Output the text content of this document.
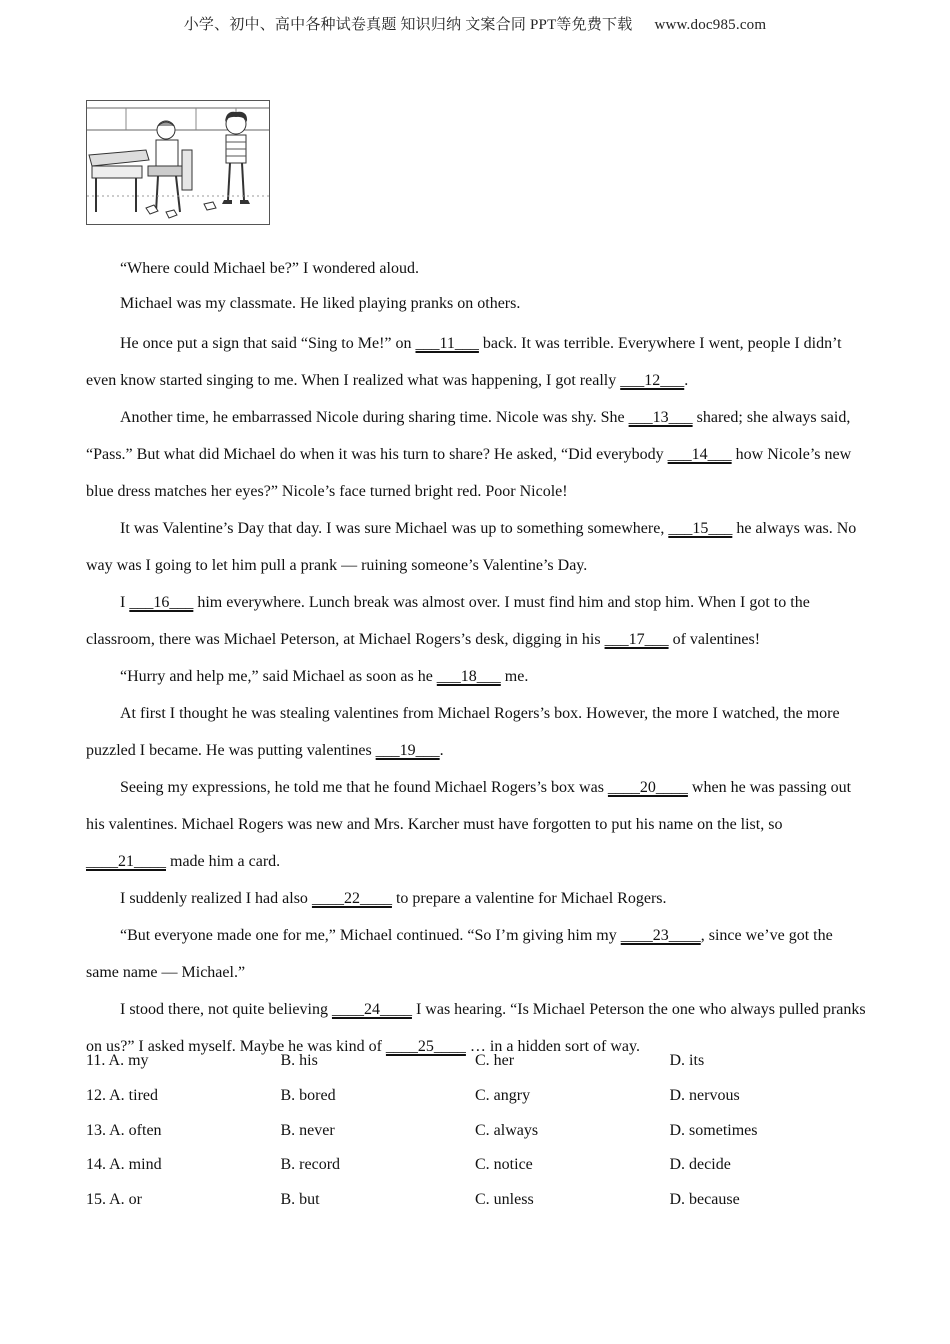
小学、初中、高中各种试卷真题 知识归纳 文案合同 PPT等免费下载 www.doc985.com

“Where could Michael be?” I wondered aloud.

Michael was my classmate. He liked playing pranks on others.

He once put a sign that said “Sing to Me!” on ___11___ back. It was terrible. Everywhere I went, people I didn’t even know started singing to me. When I realized what was happening, I got really ___12___.

Another time, he embarrassed Nicole during sharing time. Nicole was shy. She ___13___ shared; she always said, “Pass.” But what did Michael do when it was his turn to share? He asked, “Did everybody ___14___ how Nicole’s new blue dress matches her eyes?” Nicole’s face turned bright red. Poor Nicole!

It was Valentine’s Day that day. I was sure Michael was up to something somewhere, ___15___ he always was. No way was I going to let him pull a prank — ruining someone’s Valentine’s Day.

I ___16___ him everywhere. Lunch break was almost over. I must find him and stop him. When I got to the classroom, there was Michael Peterson, at Michael Rogers’s desk, digging in his ___17___ of valentines!

“Hurry and help me,” said Michael as soon as he ___18___ me.

At first I thought he was stealing valentines from Michael Rogers’s box. However, the more I watched, the more puzzled I became. He was putting valentines ___19___.

Seeing my expressions, he told me that he found Michael Rogers’s box was ____20____ when he was passing out his valentines. Michael Rogers was new and Mrs. Karcher must have forgotten to put his name on the list, so ____21____ made him a card.

I suddenly realized I had also ____22____ to prepare a valentine for Michael Rogers.

“But everyone made one for me,” Michael continued. “So I’m giving him my ____23____, since we’ve got the same name — Michael.”

I stood there, not quite believing ____24____ I was hearing. “Is Michael Peterson the one who always pulled pranks on us?” I asked myself. Maybe he was kind of ____25____ … in a hidden sort of way.

11. A. my	B. his	C. her	D. its
12. A. tired	B. bored	C. angry	D. nervous
13. A. often	B. never	C. always	D. sometimes
14. A. mind	B. record	C. notice	D. decide
15. A. or	B. but	C. unless	D. because
